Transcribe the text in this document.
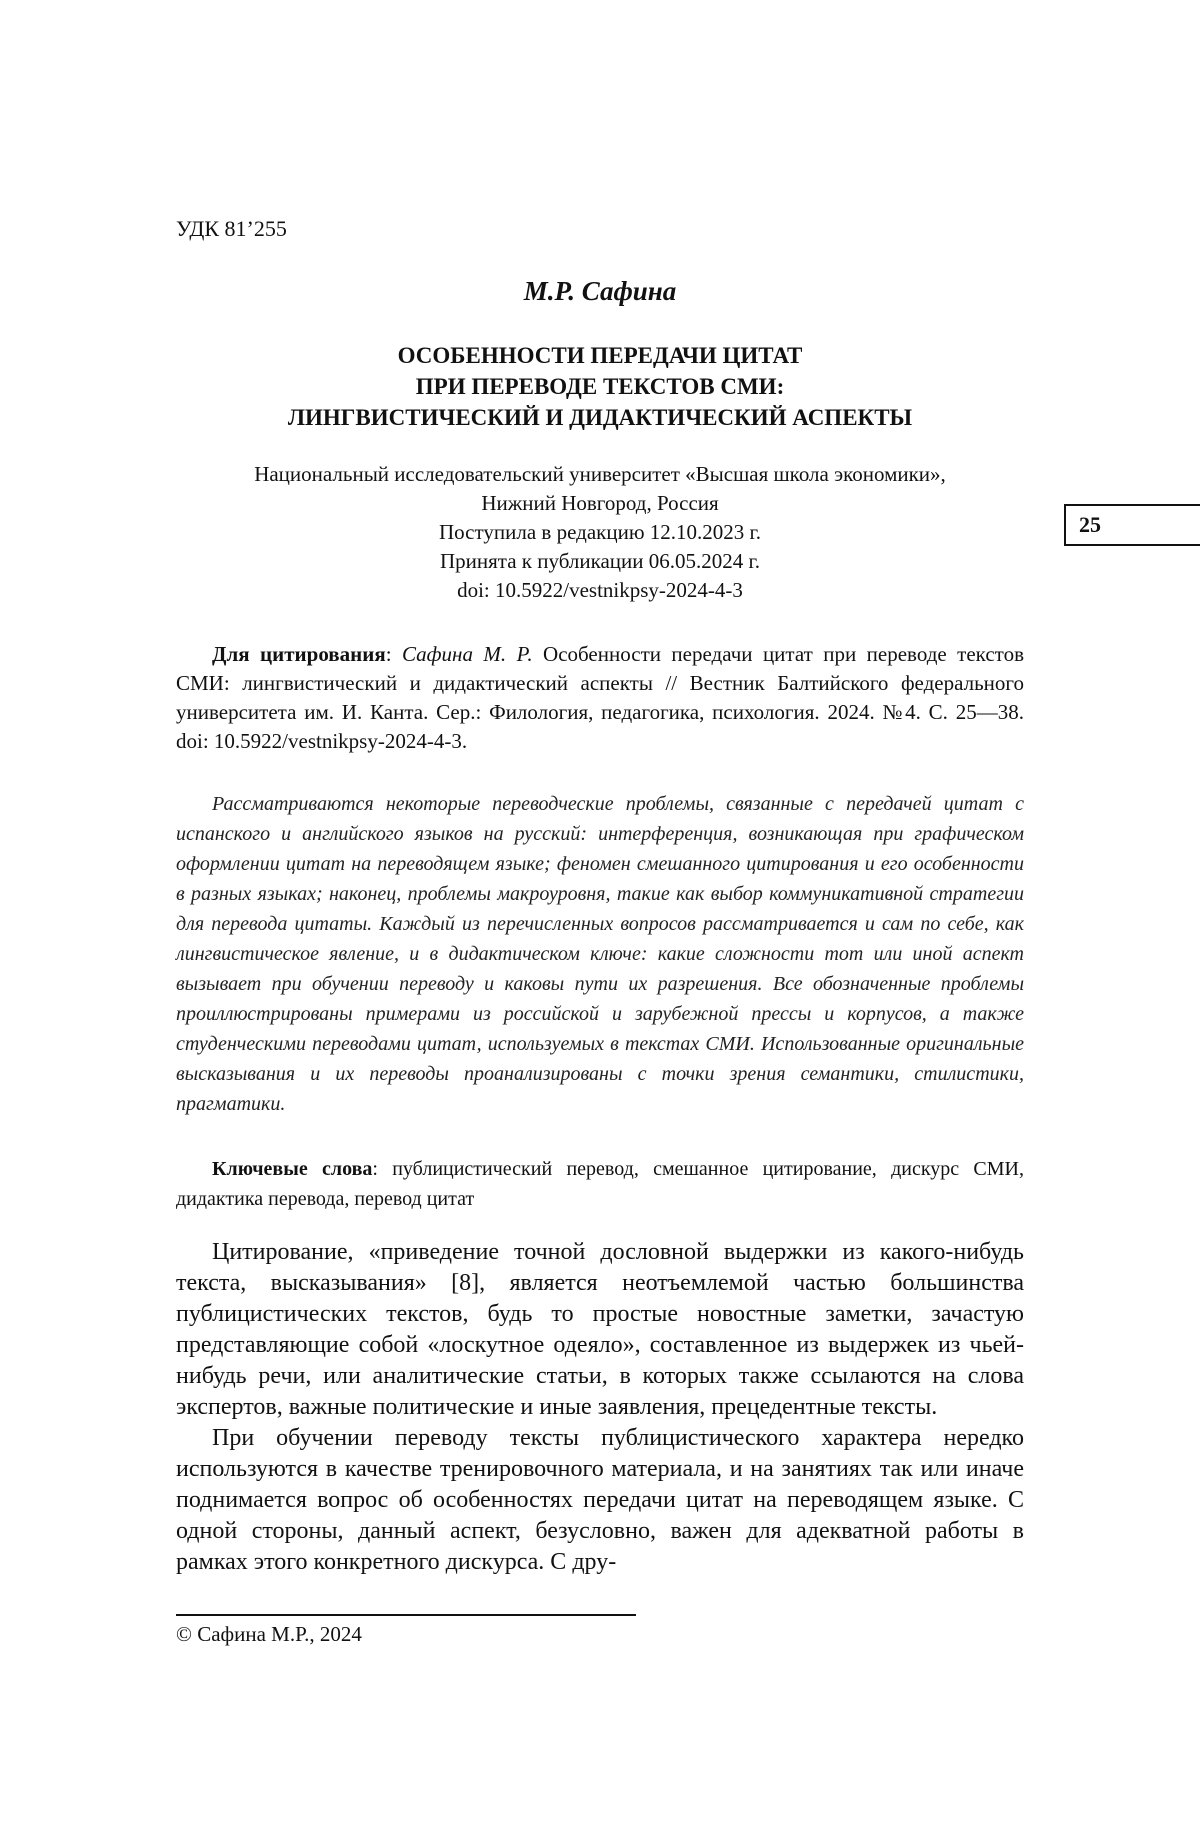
УДК 81’255
М.Р. Сафина
ОСОБЕННОСТИ ПЕРЕДАЧИ ЦИТАТ
ПРИ ПЕРЕВОДЕ ТЕКСТОВ СМИ:
ЛИНГВИСТИЧЕСКИЙ И ДИДАКТИЧЕСКИЙ АСПЕКТЫ
Национальный исследовательский университет «Высшая школа экономики»,
Нижний Новгород, Россия
Поступила в редакцию 12.10.2023 г.
Принята к публикации 06.05.2024 г.
doi: 10.5922/vestnikpsy-2024-4-3
25
Для цитирования: Сафина М. Р. Особенности передачи цитат при переводе текстов СМИ: лингвистический и дидактический аспекты // Вестник Балтийского федерального университета им. И. Канта. Сер.: Филология, педагогика, психология. 2024. №4. С. 25—38. doi: 10.5922/vestnikpsy-2024-4-3.
Рассматриваются некоторые переводческие проблемы, связанные с передачей цитат с испанского и английского языков на русский: интерференция, возникающая при графическом оформлении цитат на переводящем языке; феномен смешанного цитирования и его особенности в разных языках; наконец, проблемы макроуровня, такие как выбор коммуникативной стратегии для перевода цитаты. Каждый из перечисленных вопросов рассматривается и сам по себе, как лингвистическое явление, и в дидактическом ключе: какие сложности тот или иной аспект вызывает при обучении переводу и каковы пути их разрешения. Все обозначенные проблемы проиллюстрированы примерами из российской и зарубежной прессы и корпусов, а также студенческими переводами цитат, используемых в текстах СМИ. Использованные оригинальные высказывания и их переводы проанализированы с точки зрения семантики, стилистики, прагматики.
Ключевые слова: публицистический перевод, смешанное цитирование, дискурс СМИ, дидактика перевода, перевод цитат

Цитирование, «приведение точной дословной выдержки из какого-нибудь текста, высказывания» [8], является неотъемлемой частью большинства публицистических текстов, будь то простые новостные заметки, зачастую представляющие собой «лоскутное одеяло», составленное из выдержек из чьей-нибудь речи, или аналитические статьи, в которых также ссылаются на слова экспертов, важные политические и иные заявления, прецедентные тексты.

При обучении переводу тексты публицистического характера нередко используются в качестве тренировочного материала, и на занятиях так или иначе поднимается вопрос об особенностях передачи цитат на переводящем языке. С одной стороны, данный аспект, безусловно, важен для адекватной работы в рамках этого конкретного дискурса. С дру-

© Сафина М.Р., 2024
